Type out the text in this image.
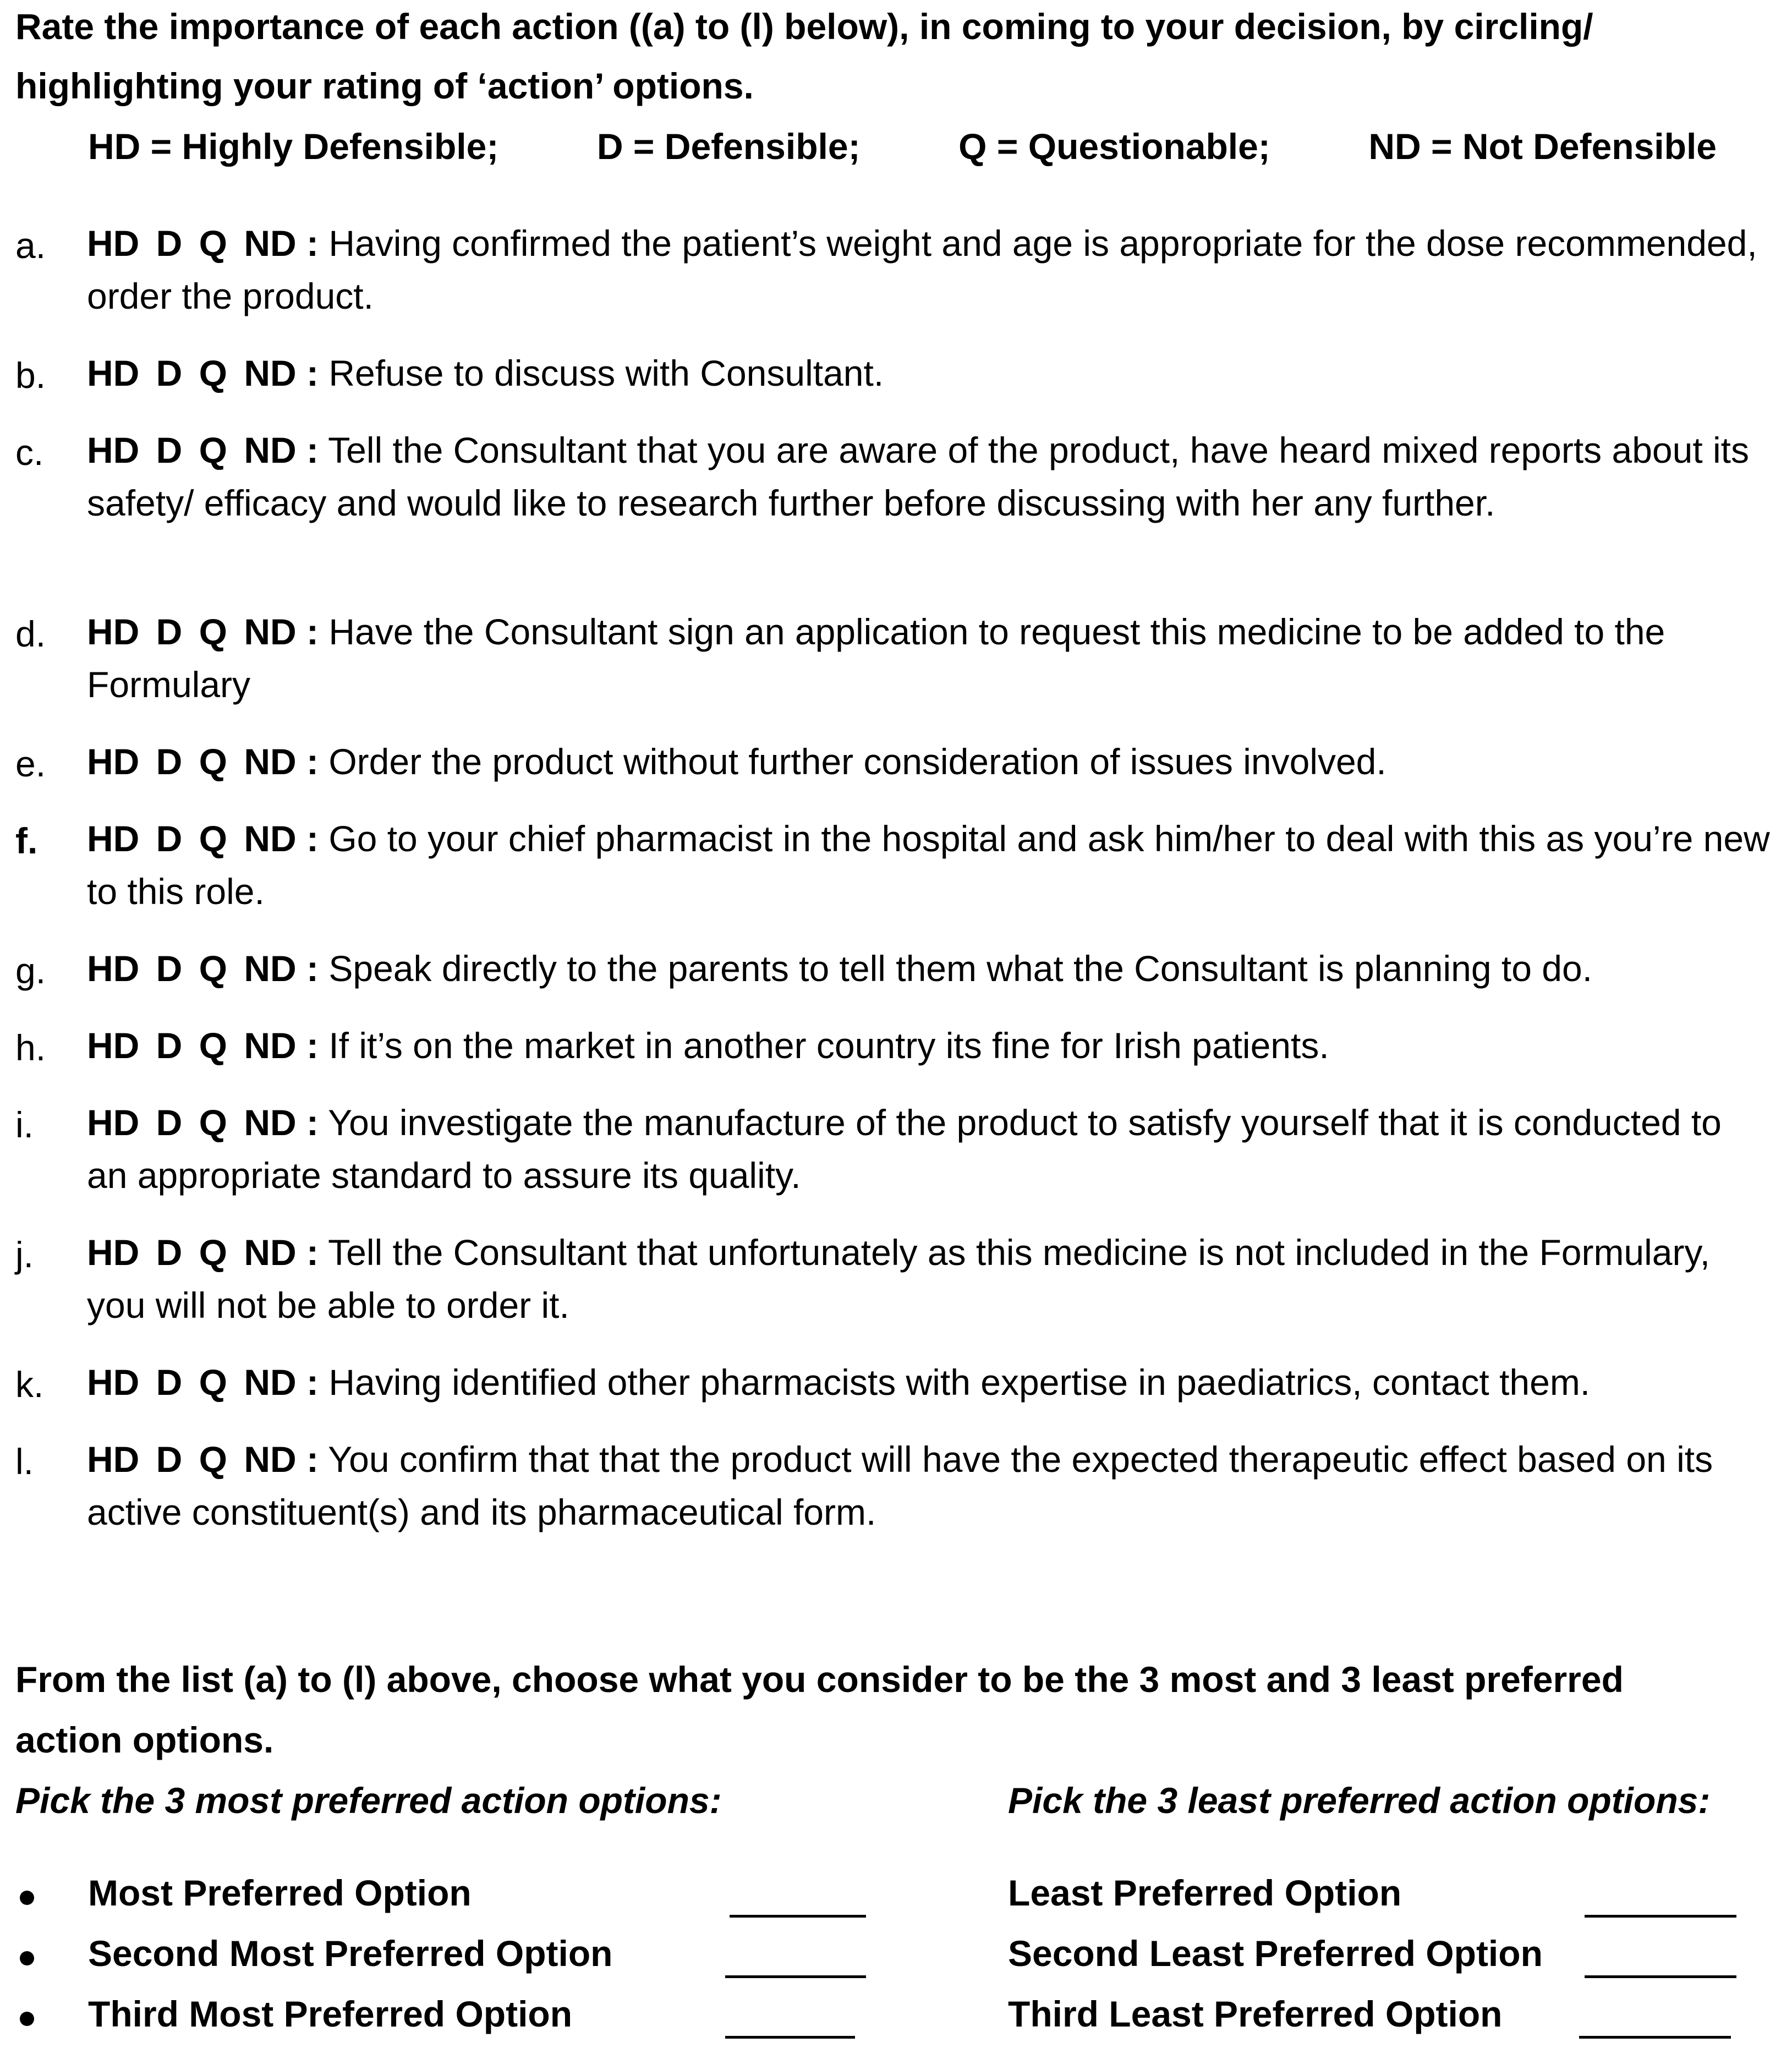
Rate the importance of each action ((a) to (l) below), in coming to your decision, by circling/
highlighting your rating of ‘action’ options.
HD = Highly Defensible;	D = Defensible;	Q = Questionable;	ND = Not Defensible
a. HD D Q ND : Having confirmed the patient’s weight and age is appropriate for the dose recommended, order the product.
b. HD D Q ND : Refuse to discuss with Consultant.
c. HD D Q ND : Tell the Consultant that you are aware of the product, have heard mixed reports about its safety/ efficacy and would like to research further before discussing with her any further.
d. HD D Q ND : Have the Consultant sign an application to request this medicine to be added to the Formulary
e. HD D Q ND : Order the product without further consideration of issues involved.
f. HD D Q ND : Go to your chief pharmacist in the hospital and ask him/her to deal with this as you’re new to this role.
g. HD D Q ND : Speak directly to the parents to tell them what the Consultant is planning to do.
h. HD D Q ND : If it’s on the market in another country its fine for Irish patients.
i. HD D Q ND : You investigate the manufacture of the product to satisfy yourself that it is conducted to an appropriate standard to assure its quality.
j. HD D Q ND : Tell the Consultant that unfortunately as this medicine is not included in the Formulary, you will not be able to order it.
k. HD D Q ND : Having identified other pharmacists with expertise in paediatrics, contact them.
l. HD D Q ND : You confirm that that the product will have the expected therapeutic effect based on its active constituent(s) and its pharmaceutical form.
From the list (a) to (l) above, choose what you consider to be the 3 most and 3 least preferred
action options.
Pick the 3 most preferred action options:	Pick the 3 least preferred action options:
Most Preferred Option	Least Preferred Option
Second Most Preferred Option	Second Least Preferred Option
Third Most Preferred Option	Third Least Preferred Option
